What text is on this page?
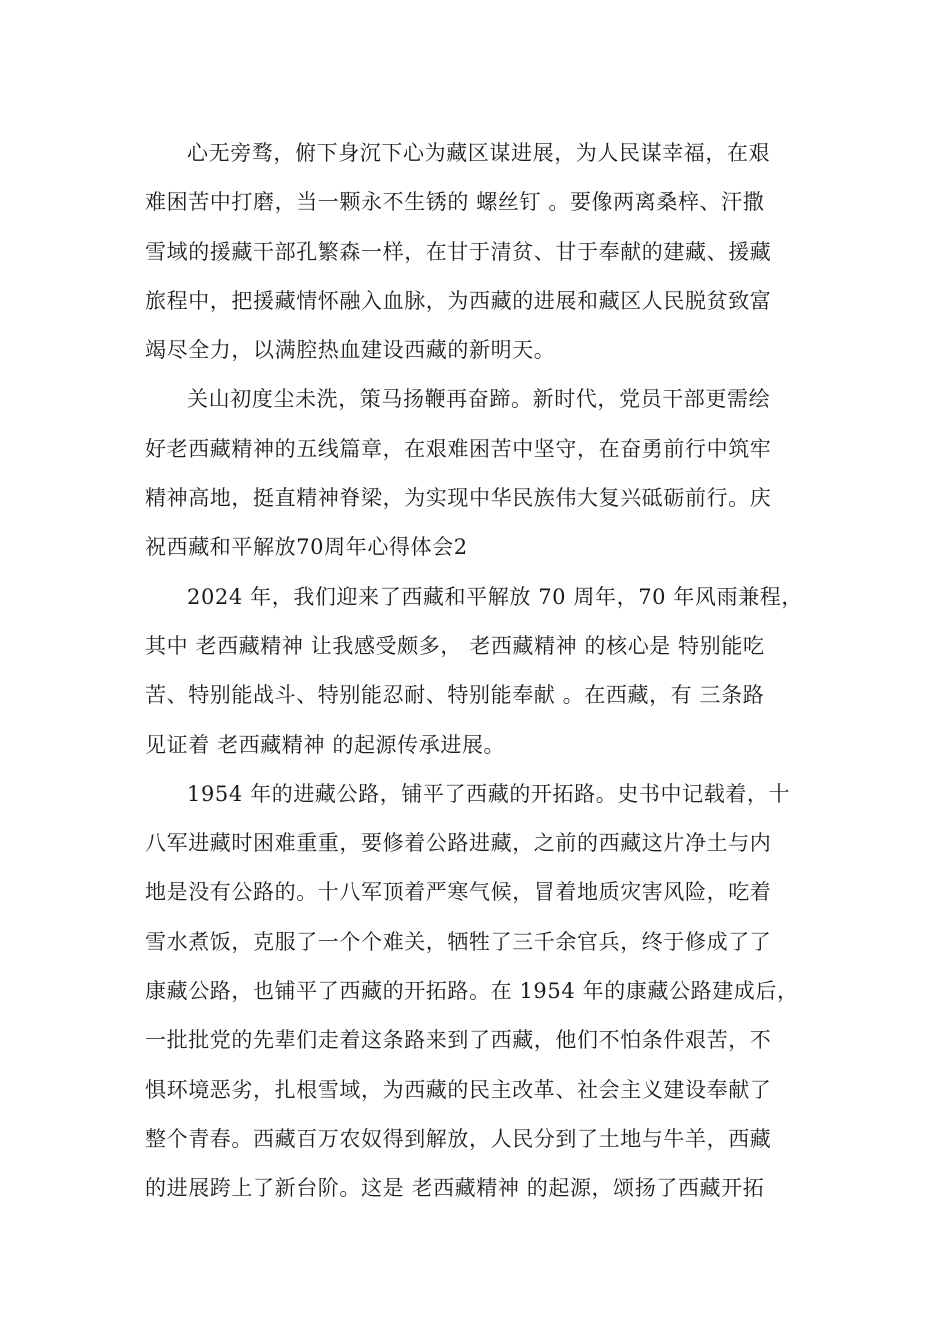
心无旁骛，俯下身沉下心为藏区谋进展，为人民谋幸福，在艰
难困苦中打磨，当一颗永不生锈的 螺丝钉 。要像两离桑梓、汗撒
雪域的援藏干部孔繁森一样，在甘于清贫、甘于奉献的建藏、援藏
旅程中，把援藏情怀融入血脉，为西藏的进展和藏区人民脱贫致富
竭尽全力，以满腔热血建设西藏的新明天。
关山初度尘未洗，策马扬鞭再奋蹄。新时代，党员干部更需绘
好老西藏精神的五线篇章，在艰难困苦中坚守，在奋勇前行中筑牢
精神高地，挺直精神脊梁，为实现中华民族伟大复兴砥砺前行。庆
祝西藏和平解放70周年心得体会2
2024 年，我们迎来了西藏和平解放 70 周年，70 年风雨兼程，
其中 老西藏精神 让我感受颇多， 老西藏精神 的核心是 特别能吃
苦、特别能战斗、特别能忍耐、特别能奉献 。在西藏，有 三条路
见证着 老西藏精神 的起源传承进展。
1954 年的进藏公路，铺平了西藏的开拓路。史书中记载着，十
八军进藏时困难重重，要修着公路进藏，之前的西藏这片净土与内
地是没有公路的。十八军顶着严寒气候，冒着地质灾害风险，吃着
雪水煮饭，克服了一个个难关，牺牲了三千余官兵，终于修成了了
康藏公路，也铺平了西藏的开拓路。在 1954 年的康藏公路建成后，
一批批党的先辈们走着这条路来到了西藏，他们不怕条件艰苦，不
惧环境恶劣，扎根雪域，为西藏的民主改革、社会主义建设奉献了
整个青春。西藏百万农奴得到解放，人民分到了土地与牛羊，西藏
的进展跨上了新台阶。这是 老西藏精神 的起源，颂扬了西藏开拓
